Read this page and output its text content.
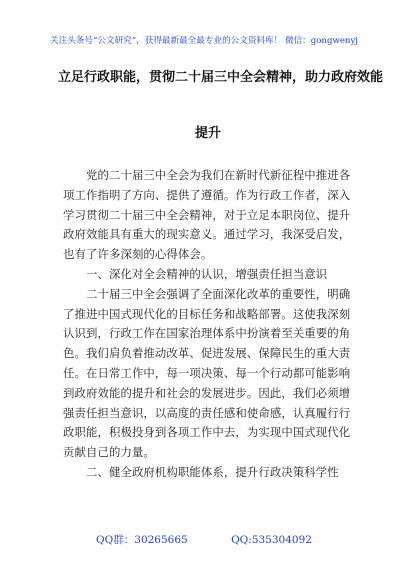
关注头条号“公文研究”，获得最新最全最专业的公文资料库！ 微信：gongwenyj
立足行政职能，贯彻二十届三中全会精神，助力政府效能
提升
　　党的二十届三中全会为我们在新时代新征程中推进各
项工作指明了方向、提供了遵循。作为行政工作者，深入
学习贯彻二十届三中全会精神，对于立足本职岗位、提升
政府效能具有重大的现实意义。通过学习，我深受启发，
也有了许多深刻的心得体会。
　　一、深化对全会精神的认识，增强责任担当意识
　　二十届三中全会强调了全面深化改革的重要性，明确
了推进中国式现代化的目标任务和战略部署。这使我深刻
认识到，行政工作在国家治理体系中扮演着至关重要的角
色。我们肩负着推动改革、促进发展、保障民生的重大责
任。在日常工作中，每一项决策、每一个行动都可能影响
到政府效能的提升和社会的发展进步。因此，我们必须增
强责任担当意识，以高度的责任感和使命感，认真履行行
政职能，积极投身到各项工作中去，为实现中国式现代化
贡献自己的力量。
　　二、健全政府机构职能体系，提升行政决策科学性
QQ群：30265665	QQ:535304092
